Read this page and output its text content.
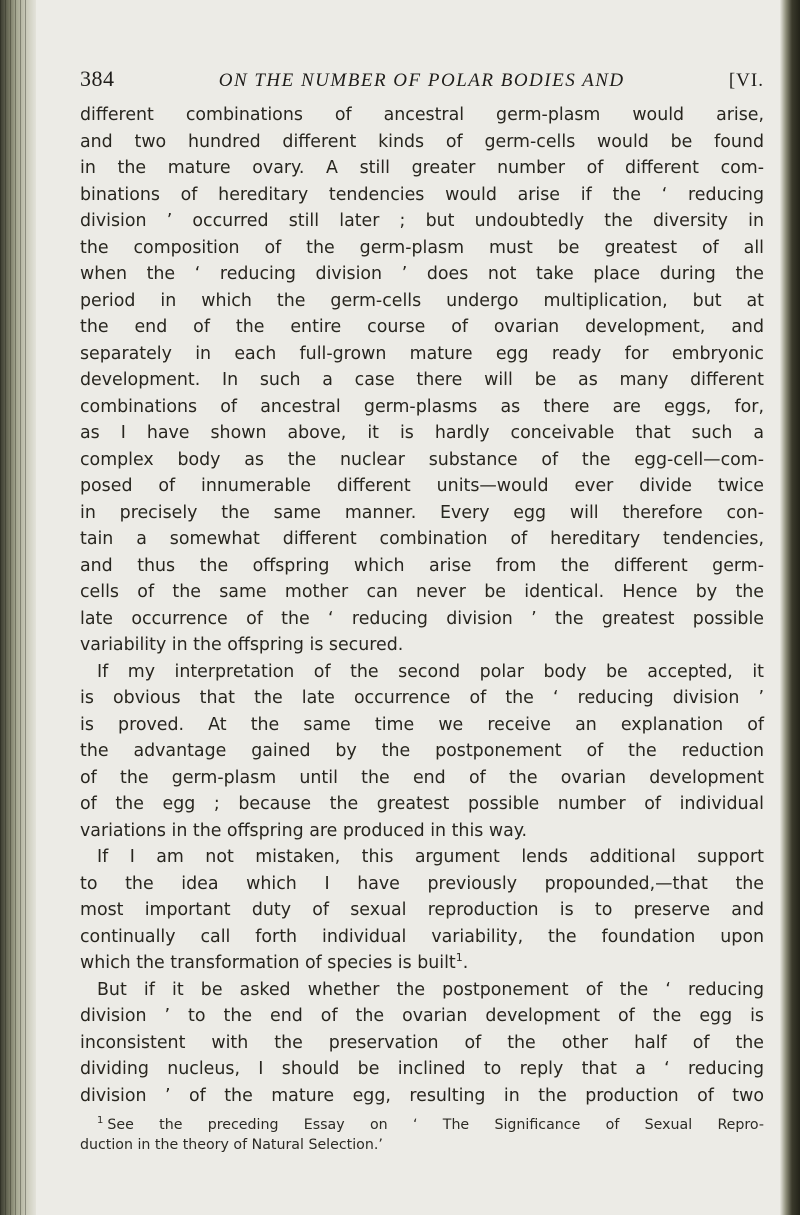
384	ON THE NUMBER OF POLAR BODIES AND	[VI.
different combinations of ancestral germ-plasm would arise,
and two hundred different kinds of germ-cells would be found
in the mature ovary. A still greater number of different com-
binations of hereditary tendencies would arise if the ‘ reducing
division ’ occurred still later ; but undoubtedly the diversity in
the composition of the germ-plasm must be greatest of all
when the ‘ reducing division ’ does not take place during the
period in which the germ-cells undergo multiplication, but at
the end of the entire course of ovarian development, and
separately in each full-grown mature egg ready for embryonic
development. In such a case there will be as many different
combinations of ancestral germ-plasms as there are eggs, for,
as I have shown above, it is hardly conceivable that such a
complex body as the nuclear substance of the egg-cell—com-
posed of innumerable different units—would ever divide twice
in precisely the same manner. Every egg will therefore con-
tain a somewhat different combination of hereditary tendencies,
and thus the offspring which arise from the different germ-
cells of the same mother can never be identical. Hence by the
late occurrence of the ‘ reducing division ’ the greatest possible
variability in the offspring is secured.
If my interpretation of the second polar body be accepted, it
is obvious that the late occurrence of the ‘ reducing division ’
is proved. At the same time we receive an explanation of
the advantage gained by the postponement of the reduction
of the germ-plasm until the end of the ovarian development
of the egg ; because the greatest possible number of individual
variations in the offspring are produced in this way.
If I am not mistaken, this argument lends additional support
to the idea which I have previously propounded,—that the
most important duty of sexual reproduction is to preserve and
continually call forth individual variability, the foundation upon
which the transformation of species is built$^1$.
But if it be asked whether the postponement of the ‘ reducing
division ’ to the end of the ovarian development of the egg is
inconsistent with the preservation of the other half of the
dividing nucleus, I should be inclined to reply that a ‘ reducing
division ’ of the mature egg, resulting in the production of two
$^1$ See the preceding Essay on ‘ The Significance of Sexual Repro-
duction in the theory of Natural Selection.’
